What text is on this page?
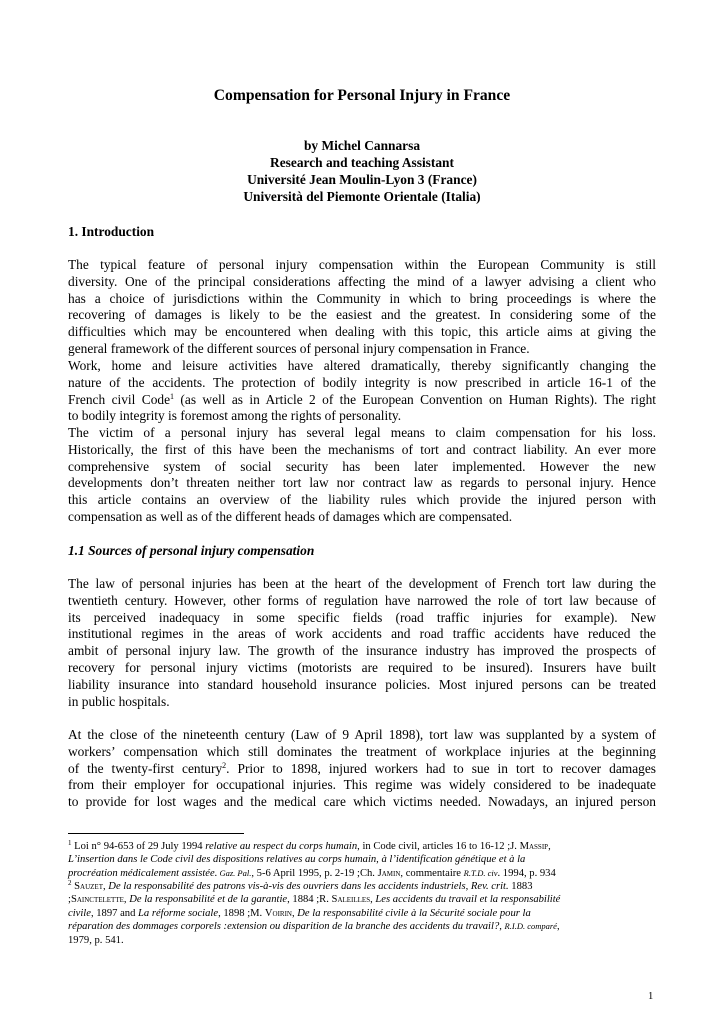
Compensation for Personal Injury in France
by Michel Cannarsa
Research and teaching Assistant
Université Jean Moulin-Lyon 3 (France)
Università del Piemonte Orientale (Italia)
1. Introduction
The typical feature of personal injury compensation within the European Community is still
diversity. One of the principal considerations affecting the mind of a lawyer advising a client who
has a choice of jurisdictions within the Community in which to bring proceedings is where the
recovering of damages is likely to be the easiest and the greatest. In considering some of the
difficulties which may be encountered when dealing with this topic, this article aims at giving the
general framework of the different sources of personal injury compensation in France.
Work, home and leisure activities have altered dramatically, thereby significantly changing the
nature of the accidents. The protection of bodily integrity is now prescribed in article 16-1 of the
French civil Code$^1$ (as well as in Article 2 of the European Convention on Human Rights). The right
to bodily integrity is foremost among the rights of personality.
The victim of a personal injury has several legal means to claim compensation for his loss.
Historically, the first of this have been the mechanisms of tort and contract liability. An ever more
comprehensive system of social security has been later implemented. However the new
developments don’t threaten neither tort law nor contract law as regards to personal injury. Hence
this article contains an overview of the liability rules which provide the injured person with
compensation as well as of the different heads of damages which are compensated.
1.1 Sources of personal injury compensation
The law of personal injuries has been at the heart of the development of French tort law during the
twentieth century. However, other forms of regulation have narrowed the role of tort law because of
its perceived inadequacy in some specific fields (road traffic injuries for example). New
institutional regimes in the areas of work accidents and road traffic accidents have reduced the
ambit of personal injury law. The growth of the insurance industry has improved the prospects of
recovery for personal injury victims (motorists are required to be insured). Insurers have built
liability insurance into standard household insurance policies. Most injured persons can be treated
in public hospitals.
At the close of the nineteenth century (Law of 9 April 1898), tort law was supplanted by a system of
workers’ compensation which still dominates the treatment of workplace injuries at the beginning
of the twenty-first century$^2$. Prior to 1898, injured workers had to sue in tort to recover damages
from their employer for occupational injuries. This regime was widely considered to be inadequate
to provide for lost wages and the medical care which victims needed. Nowadays, an injured person
$^1$ Loi n° 94-653 of 29 July 1994 relative au respect du corps humain, in Code civil, articles 16 to 16-12 ;J. Massip,
L’insertion dans le Code civil des dispositions relatives au corps humain, à l’identification génétique et à la
procréation médicalement assistée. Gaz. Pal., 5-6 April 1995, p. 2-19 ;Ch. Jamin, commentaire R.T.D. civ. 1994, p. 934
$^2$ Sauzet, De la responsabilité des patrons vis-à-vis des ouvriers dans les accidents industriels, Rev. crit. 1883
;Sainctelette, De la responsabilité et de la garantie, 1884 ;R. Saleilles, Les accidents du travail et la responsabilité
civile, 1897 and La réforme sociale, 1898 ;M. Voirin, De la responsabilité civile à la Sécurité sociale pour la
réparation des dommages corporels :extension ou disparition de la branche des accidents du travail?, R.I.D. comparé,
1979, p. 541.
1
